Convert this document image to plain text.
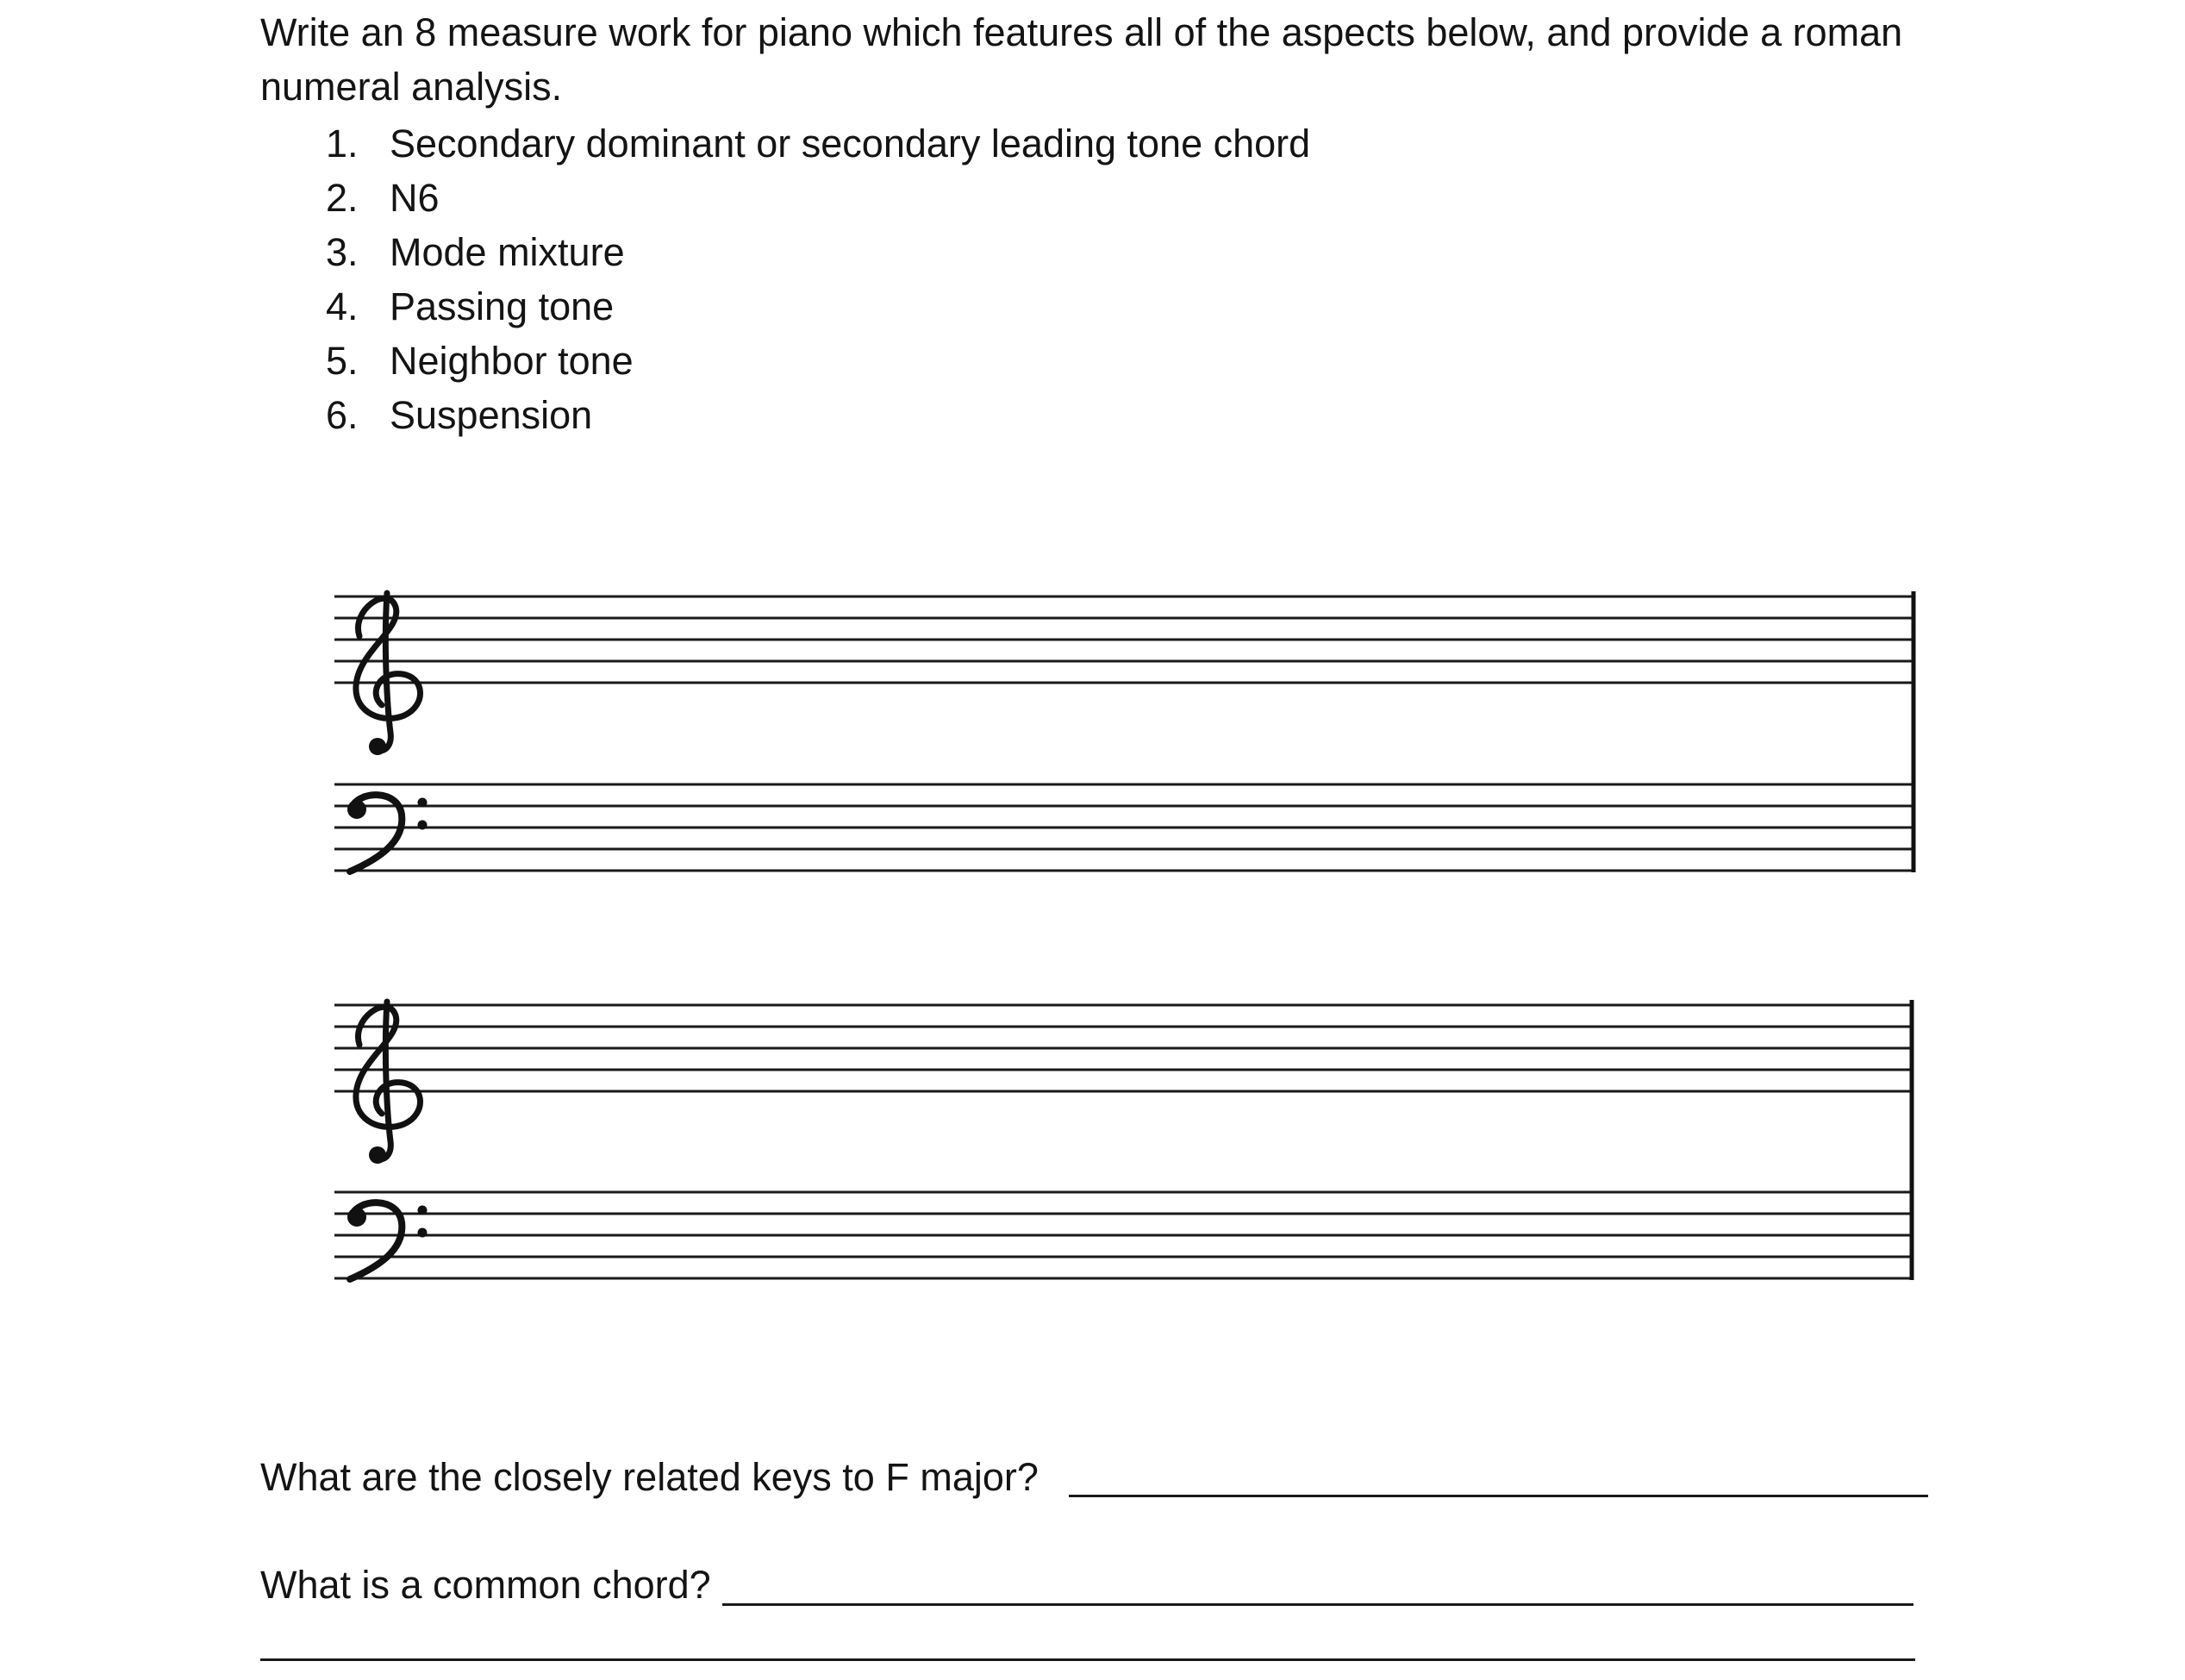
Write an 8 measure work for piano which features all of the aspects below, and provide a roman numeral analysis.

1. Secondary dominant or secondary leading tone chord
2. N6
3. Mode mixture
4. Passing tone
5. Neighbor tone
6. Suspension
What are the closely related keys to F major?
What is a common chord?
